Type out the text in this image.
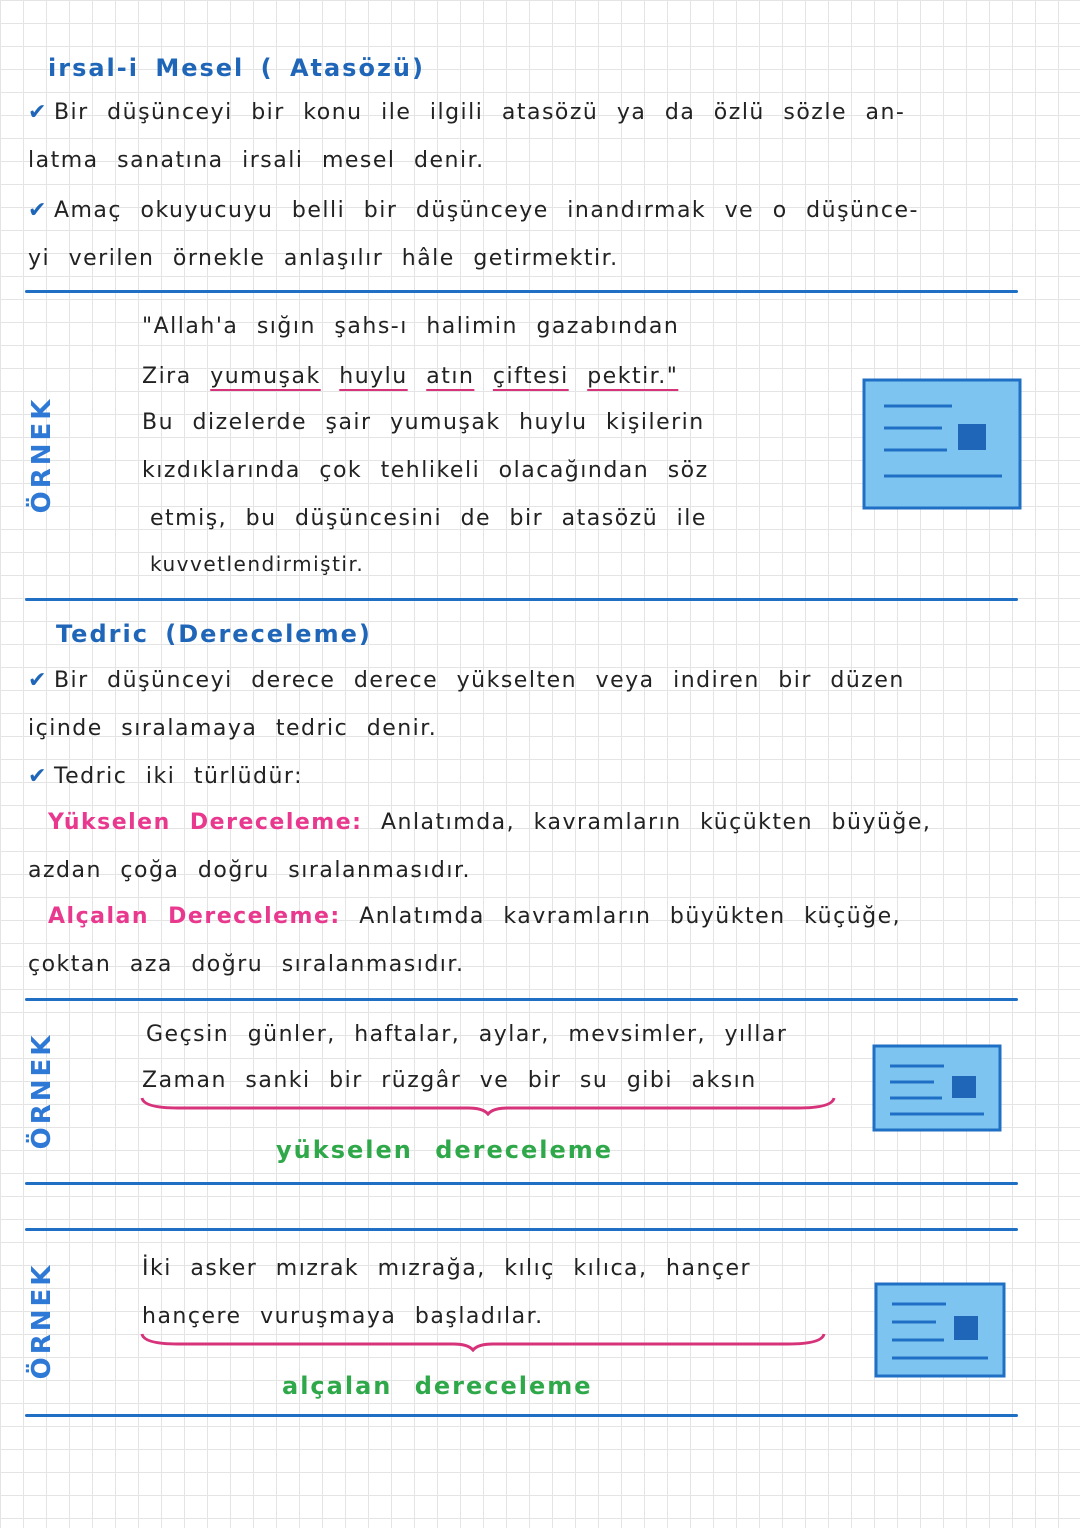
irsal-i Mesel ( Atasözü)
✔ Bir düşünceyi bir konu ile ilgili atasözü ya da özlü sözle an-
latma sanatına irsali mesel denir.
✔ Amaç okuyucuyu belli bir düşünceye inandırmak ve o düşünce-
yi verilen örnekle anlaşılır hâle getirmektir.
ÖRNEK
"Allah'a sığın şahs-ı halimin gazabından
Zira yumuşak huylu atın çiftesi pektir."
Bu dizelerde şair yumuşak huylu kişilerin
kızdıklarında çok tehlikeli olacağından söz
etmiş, bu düşüncesini de bir atasözü ile
kuvvetlendirmiştir.
Tedric (Dereceleme)
✔ Bir düşünceyi derece derece yükselten veya indiren bir düzen
içinde sıralamaya tedric denir.
✔ Tedric iki türlüdür:
Yükselen Dereceleme: Anlatımda, kavramların küçükten büyüğe,
azdan çoğa doğru sıralanmasıdır.
Alçalan Dereceleme: Anlatımda kavramların büyükten küçüğe,
çoktan aza doğru sıralanmasıdır.
ÖRNEK	Geçsin günler, haftalar, aylar, mevsimler, yıllar
Zaman sanki bir rüzgâr ve bir su gibi aksın
yükselen dereceleme
ÖRNEK	İki asker mızrak mızrağa, kılıç kılıca, hançer
hançere vuruşmaya başladılar.
alçalan dereceleme
